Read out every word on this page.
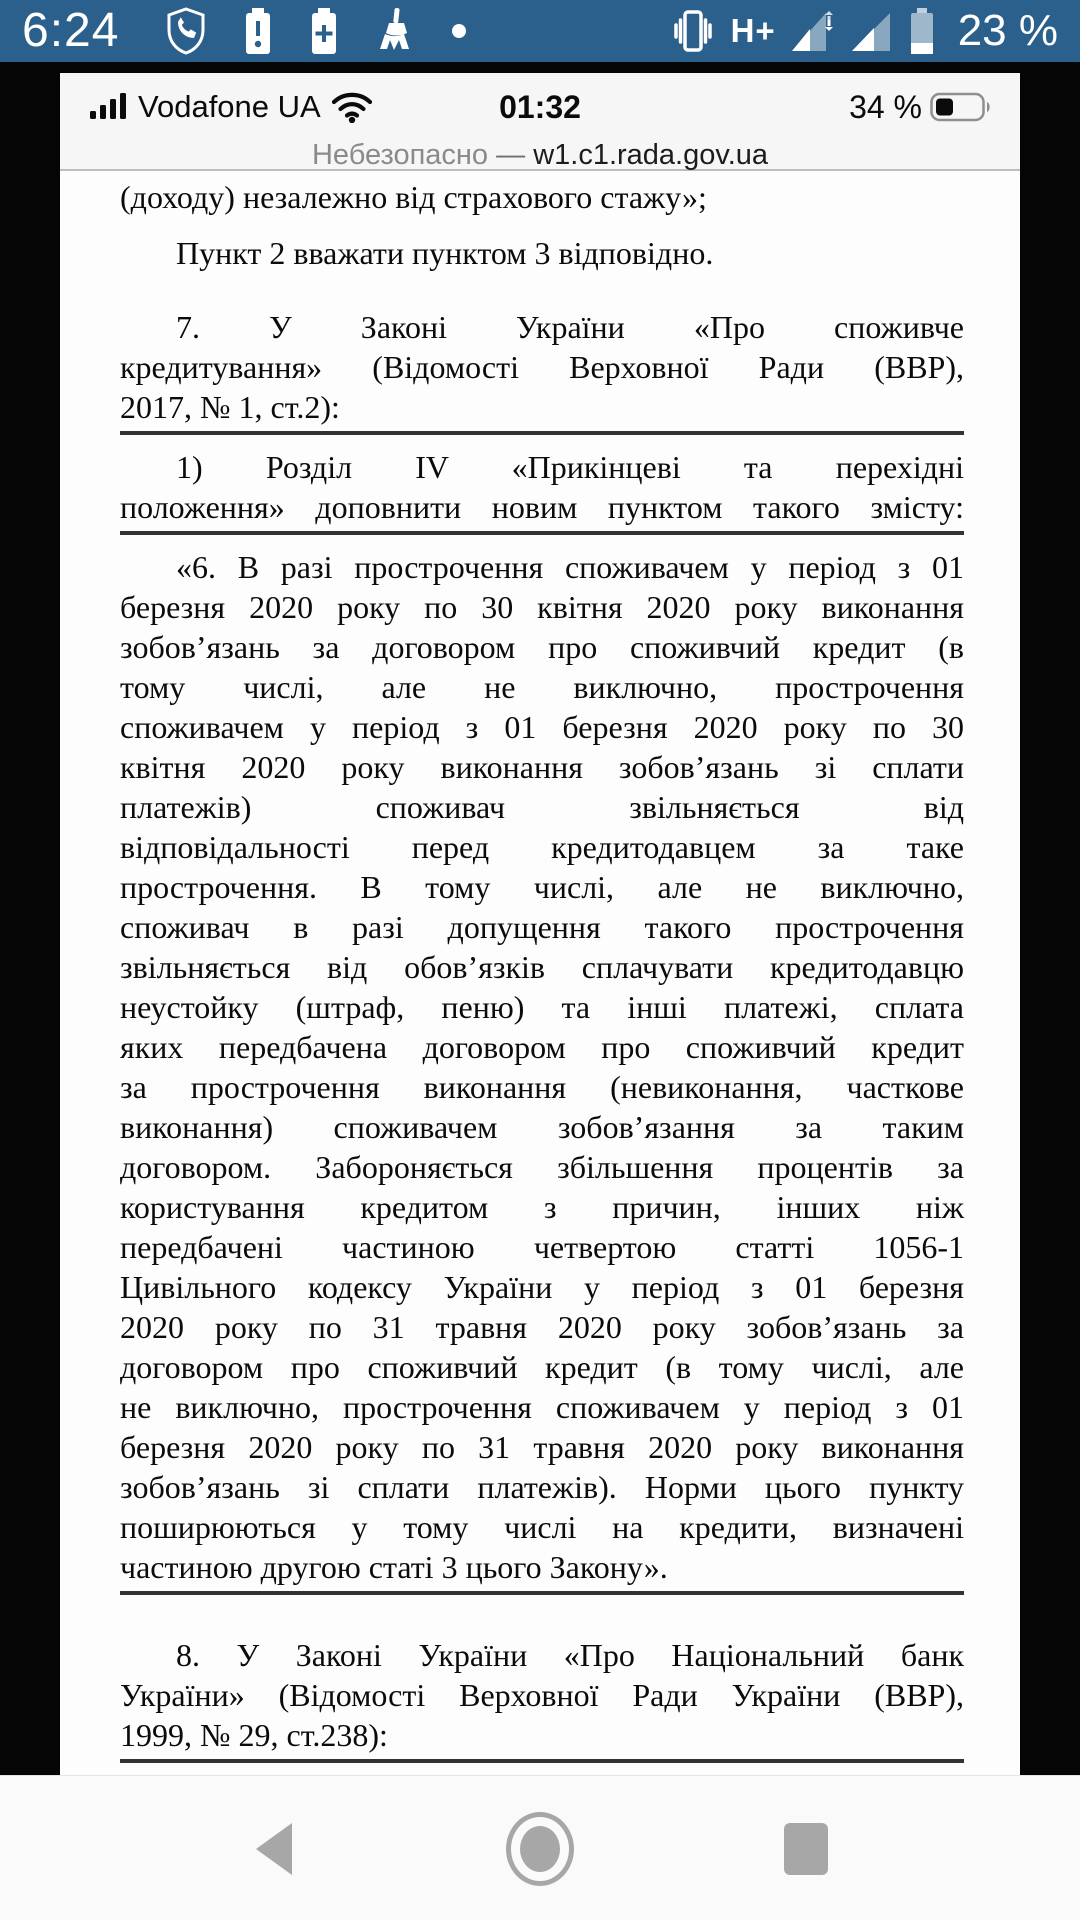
6:24	H+	23 %
Vodafone UA	01:32	34 %
Небезопасно — w1.c1.rada.gov.ua
(доходу) незалежно від страхового стажу»;
Пункт 2 вважати пунктом 3 відповідно.
7. У Законі України «Про споживче
кредитування» (Відомості Верховної Ради (ВВР),
2017, № 1, ст.2):
1) Розділ IV «Прикінцеві та перехідні
положення» доповнити новим пунктом такого змісту:
«6. В разі прострочення споживачем у період з 01
березня 2020 року по 30 квітня 2020 року виконання
зобов’язань за договором про споживчий кредит (в
тому числі, але не виключно, прострочення
споживачем у період з 01 березня 2020 року по 30
квітня 2020 року виконання зобов’язань зі сплати
платежів) споживач звільняється від
відповідальності перед кредитодавцем за таке
прострочення. В тому числі, але не виключно,
споживач в разі допущення такого прострочення
звільняється від обов’язків сплачувати кредитодавцю
неустойку (штраф, пеню) та інші платежі, сплата
яких передбачена договором про споживчий кредит
за прострочення виконання (невиконання, часткове
виконання) споживачем зобов’язання за таким
договором. Забороняється збільшення процентів за
користування кредитом з причин, інших ніж
передбачені частиною четвертою статті 1056-1
Цивільного кодексу України у період з 01 березня
2020 року по 31 травня 2020 року зобов’язань за
договором про споживчий кредит (в тому числі, але
не виключно, прострочення споживачем у період з 01
березня 2020 року по 31 травня 2020 року виконання
зобов’язань зі сплати платежів). Норми цього пункту
поширюються у тому числі на кредити, визначені
частиною другою статі 3 цього Закону».
8. У Законі України «Про Національний банк
України» (Відомості Верховної Ради України (ВВР),
1999, № 29, ст.238):
